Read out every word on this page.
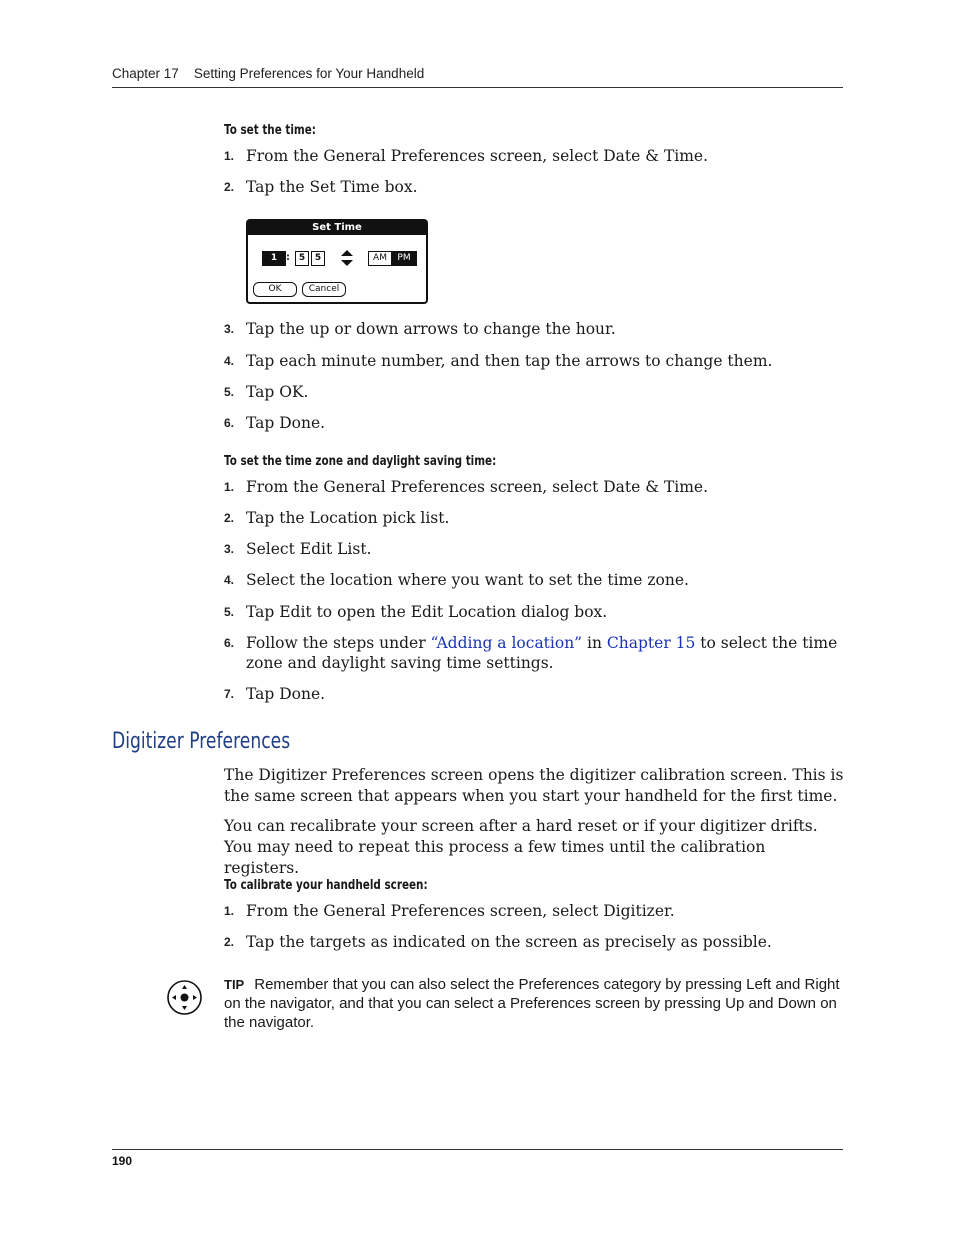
Chapter 17 Setting Preferences for Your Handheld
To set the time:
1. From the General Preferences screen, select Date & Time.
2. Tap the Set Time box.
Set Time
1 : 5	5	AM	PM
OK	Cancel
3. Tap the up or down arrows to change the hour.
4. Tap each minute number, and then tap the arrows to change them.
5. Tap OK.
6. Tap Done.
To set the time zone and daylight saving time:
1. From the General Preferences screen, select Date & Time.
2. Tap the Location pick list.
3. Select Edit List.
4. Select the location where you want to set the time zone.
5. Tap Edit to open the Edit Location dialog box.
6. Follow the steps under “Adding a location” in Chapter 15 to select the time zone and daylight saving time settings.
7. Tap Done.
Digitizer Preferences
The Digitizer Preferences screen opens the digitizer calibration screen. This is the same screen that appears when you start your handheld for the first time.
You can recalibrate your screen after a hard reset or if your digitizer drifts. You may need to repeat this process a few times until the calibration registers.
To calibrate your handheld screen:
1. From the General Preferences screen, select Digitizer.
2. Tap the targets as indicated on the screen as precisely as possible.
TIP Remember that you can also select the Preferences category by pressing Left and Right on the navigator, and that you can select a Preferences screen by pressing Up and Down on the navigator.
190
